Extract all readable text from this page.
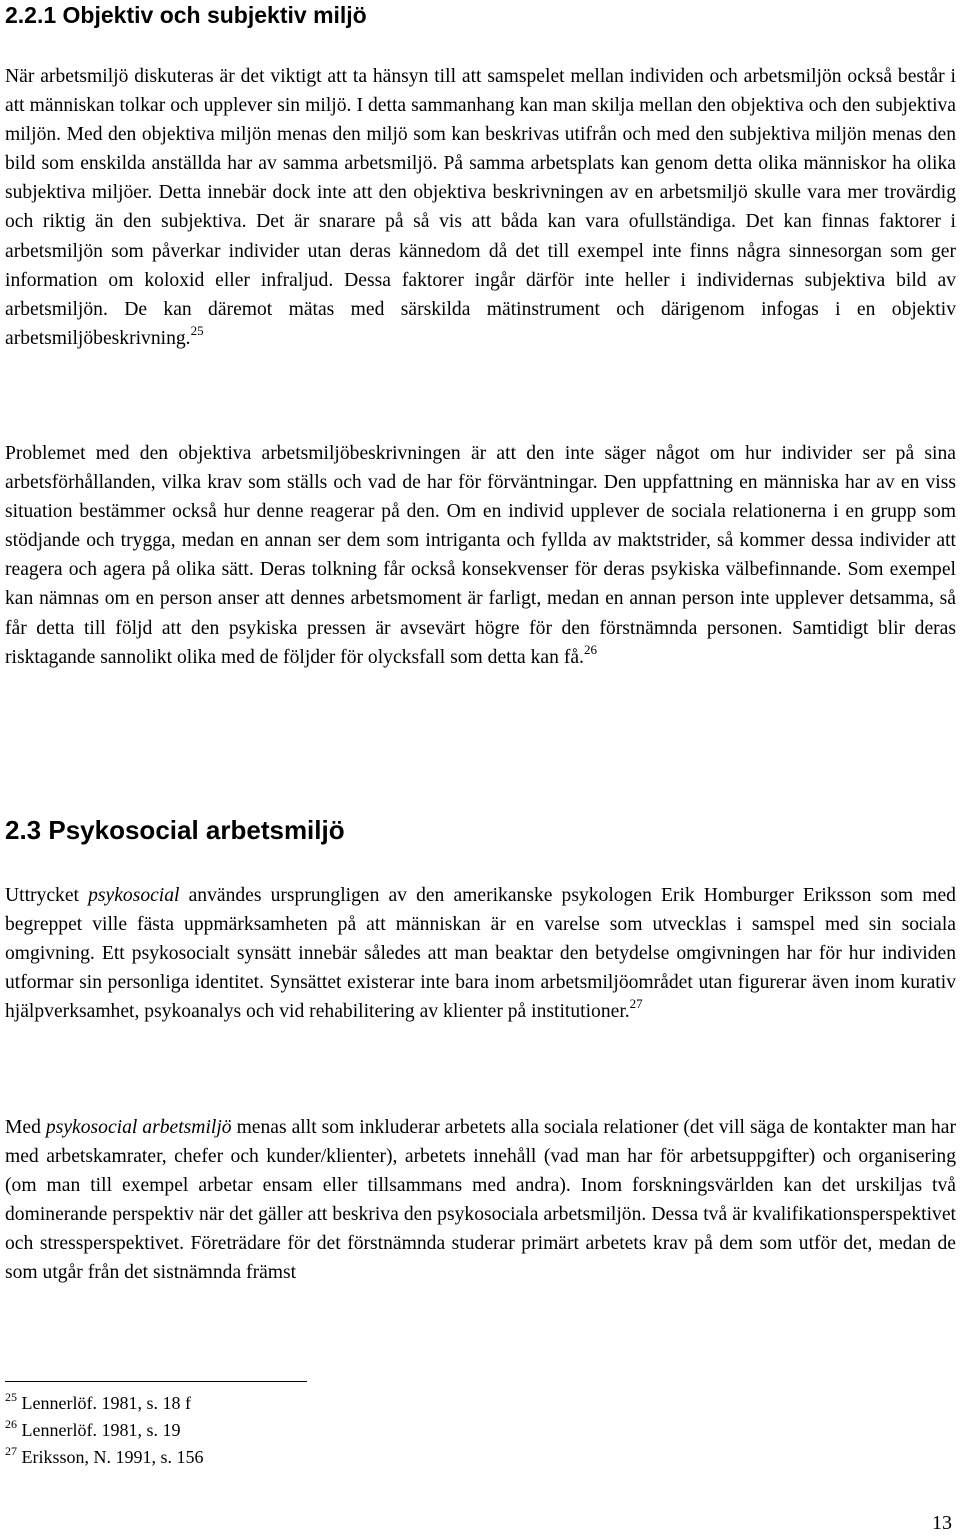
2.2.1 Objektiv och subjektiv miljö

När arbetsmiljö diskuteras är det viktigt att ta hänsyn till att samspelet mellan individen och arbetsmiljön också består i att människan tolkar och upplever sin miljö. I detta sammanhang kan man skilja mellan den objektiva och den subjektiva miljön. Med den objektiva miljön menas den miljö som kan beskrivas utifrån och med den subjektiva miljön menas den bild som enskilda anställda har av samma arbetsmiljö. På samma arbetsplats kan genom detta olika människor ha olika subjektiva miljöer. Detta innebär dock inte att den objektiva beskrivningen av en arbetsmiljö skulle vara mer trovärdig och riktig än den subjektiva. Det är snarare på så vis att båda kan vara ofullständiga. Det kan finnas faktorer i arbetsmiljön som påverkar individer utan deras kännedom då det till exempel inte finns några sinnesorgan som ger information om koloxid eller infraljud. Dessa faktorer ingår därför inte heller i individernas subjektiva bild av arbetsmiljön. De kan däremot mätas med särskilda mätinstrument och därigenom infogas i en objektiv arbetsmiljöbeskrivning.$^{25}$

Problemet med den objektiva arbetsmiljöbeskrivningen är att den inte säger något om hur individer ser på sina arbetsförhållanden, vilka krav som ställs och vad de har för förväntningar. Den uppfattning en människa har av en viss situation bestämmer också hur denne reagerar på den. Om en individ upplever de sociala relationerna i en grupp som stödjande och trygga, medan en annan ser dem som intriganta och fyllda av maktstrider, så kommer dessa individer att reagera och agera på olika sätt. Deras tolkning får också konsekvenser för deras psykiska välbefinnande. Som exempel kan nämnas om en person anser att dennes arbetsmoment är farligt, medan en annan person inte upplever detsamma, så får detta till följd att den psykiska pressen är avsevärt högre för den förstnämnda personen. Samtidigt blir deras risktagande sannolikt olika med de följder för olycksfall som detta kan få.$^{26}$

2.3 Psykosocial arbetsmiljö

Uttrycket psykosocial användes ursprungligen av den amerikanske psykologen Erik Homburger Eriksson som med begreppet ville fästa uppmärksamheten på att människan är en varelse som utvecklas i samspel med sin sociala omgivning. Ett psykosocialt synsätt innebär således att man beaktar den betydelse omgivningen har för hur individen utformar sin personliga identitet. Synsättet existerar inte bara inom arbetsmiljöområdet utan figurerar även inom kurativ hjälpverksamhet, psykoanalys och vid rehabilitering av klienter på institutioner.$^{27}$

Med psykosocial arbetsmiljö menas allt som inkluderar arbetets alla sociala relationer (det vill säga de kontakter man har med arbetskamrater, chefer och kunder/klienter), arbetets innehåll (vad man har för arbetsuppgifter) och organisering (om man till exempel arbetar ensam eller tillsammans med andra). Inom forskningsvärlden kan det urskiljas två dominerande perspektiv när det gäller att beskriva den psykosociala arbetsmiljön. Dessa två är kvalifikationsperspektivet och stressperspektivet. Företrädare för det förstnämnda studerar primärt arbetets krav på dem som utför det, medan de som utgår från det sistnämnda främst

$^{25}$ Lennerlöf. 1981, s. 18 f
$^{26}$ Lennerlöf. 1981, s. 19
$^{27}$ Eriksson, N. 1991, s. 156
13
